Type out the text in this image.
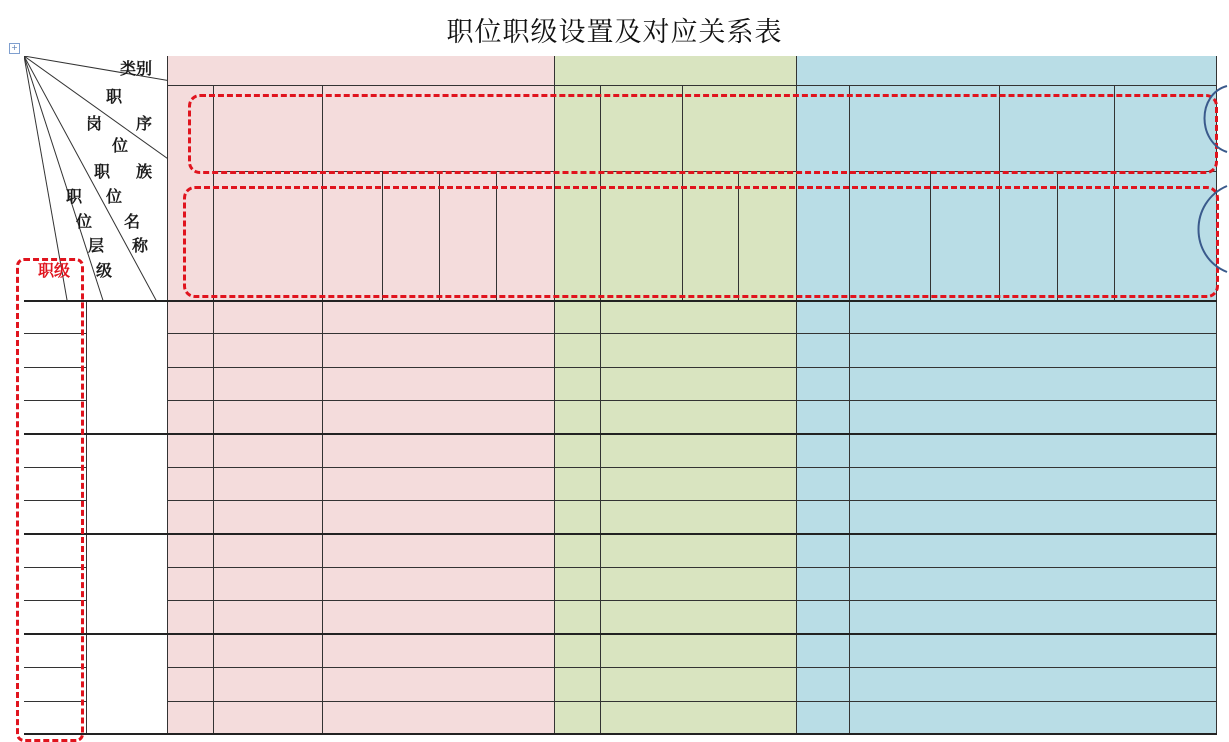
职位职级设置及对应关系表
+
类别
职
岗 序
位
族
职
位
名
称
职
位
层
级
职级
